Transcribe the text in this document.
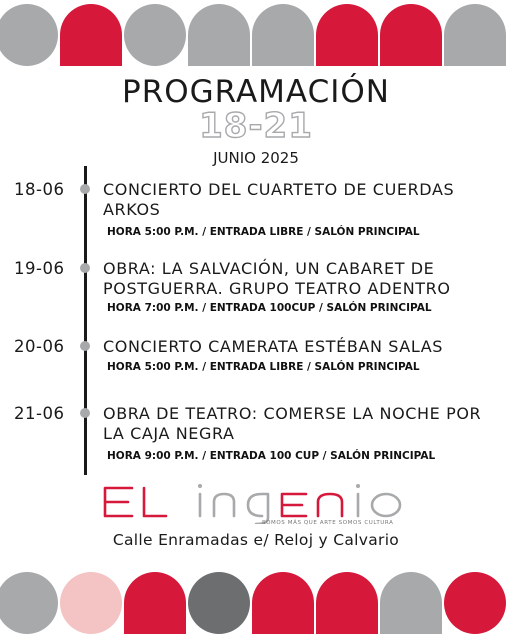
PROGRAMACIÓN
18-21
JUNIO 2025
18-06 CONCIERTO DEL CUARTETO DE CUERDAS ARKOS
HORA 5:00 P.M. / ENTRADA LIBRE / SALÓN PRINCIPAL
19-06 OBRA: LA SALVACIÓN, UN CABARET DE POSTGUERRA. GRUPO TEATRO ADENTRO
HORA 7:00 P.M. / ENTRADA 100CUP / SALÓN PRINCIPAL
20-06 CONCIERTO CAMERATA ESTÉBAN SALAS
HORA 5:00 P.M. / ENTRADA LIBRE / SALÓN PRINCIPAL
21-06 OBRA DE TEATRO: COMERSE LA NOCHE POR LA CAJA NEGRA
HORA 9:00 P.M. / ENTRADA 100 CUP / SALÓN PRINCIPAL
SOMOS MÁS QUE ARTE SOMOS CULTURA
Calle Enramadas e/ Reloj y Calvario
